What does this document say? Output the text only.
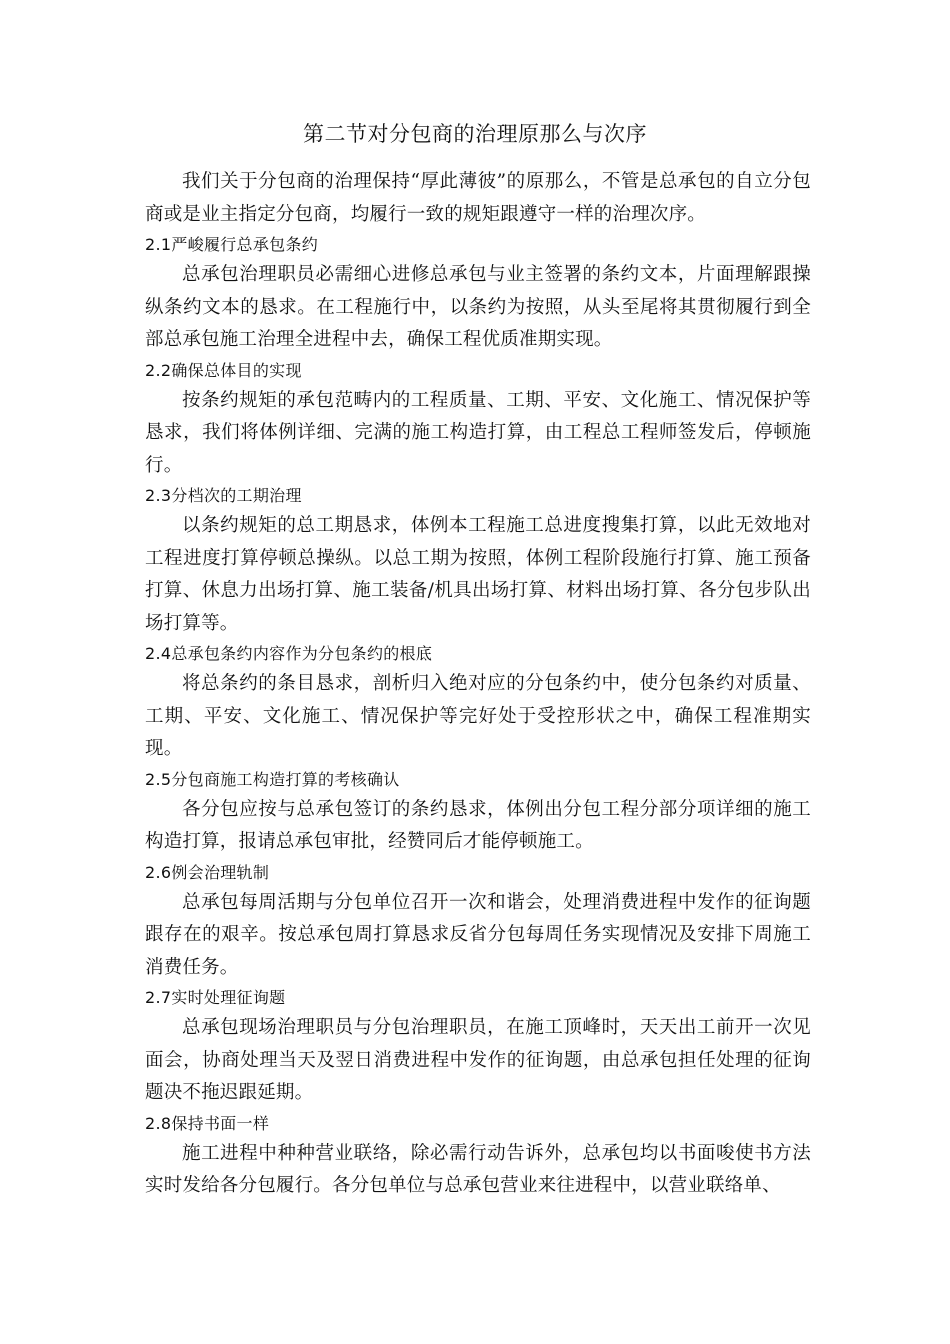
第二节对分包商的治理原那么与次序

我们关于分包商的治理保持“厚此薄彼”的原那么，不管是总承包的自立分包商或是业主指定分包商，均履行一致的规矩跟遵守一样的治理次序。

2.1严峻履行总承包条约

总承包治理职员必需细心进修总承包与业主签署的条约文本，片面理解跟操纵条约文本的恳求。在工程施行中，以条约为按照，从头至尾将其贯彻履行到全部总承包施工治理全进程中去，确保工程优质准期实现。

2.2确保总体目的实现

按条约规矩的承包范畴内的工程质量、工期、平安、文化施工、情况保护等恳求，我们将体例详细、完满的施工构造打算，由工程总工程师签发后，停顿施行。

2.3分档次的工期治理

以条约规矩的总工期恳求，体例本工程施工总进度搜集打算，以此无效地对工程进度打算停顿总操纵。以总工期为按照，体例工程阶段施行打算、施工预备打算、休息力出场打算、施工装备/机具出场打算、材料出场打算、各分包步队出场打算等。

2.4总承包条约内容作为分包条约的根底

将总条约的条目恳求，剖析归入绝对应的分包条约中，使分包条约对质量、工期、平安、文化施工、情况保护等完好处于受控形状之中，确保工程准期实现。

2.5分包商施工构造打算的考核确认

各分包应按与总承包签订的条约恳求，体例出分包工程分部分项详细的施工构造打算，报请总承包审批，经赞同后才能停顿施工。

2.6例会治理轨制

总承包每周活期与分包单位召开一次和谐会，处理消费进程中发作的征询题跟存在的艰辛。按总承包周打算恳求反省分包每周任务实现情况及安排下周施工消费任务。

2.7实时处理征询题

总承包现场治理职员与分包治理职员，在施工顶峰时，天天出工前开一次见面会，协商处理当天及翌日消费进程中发作的征询题，由总承包担任处理的征询题决不拖迟跟延期。

2.8保持书面一样

施工进程中种种营业联络，除必需行动告诉外，总承包均以书面唆使书方法实时发给各分包履行。各分包单位与总承包营业来往进程中，以营业联络单、
